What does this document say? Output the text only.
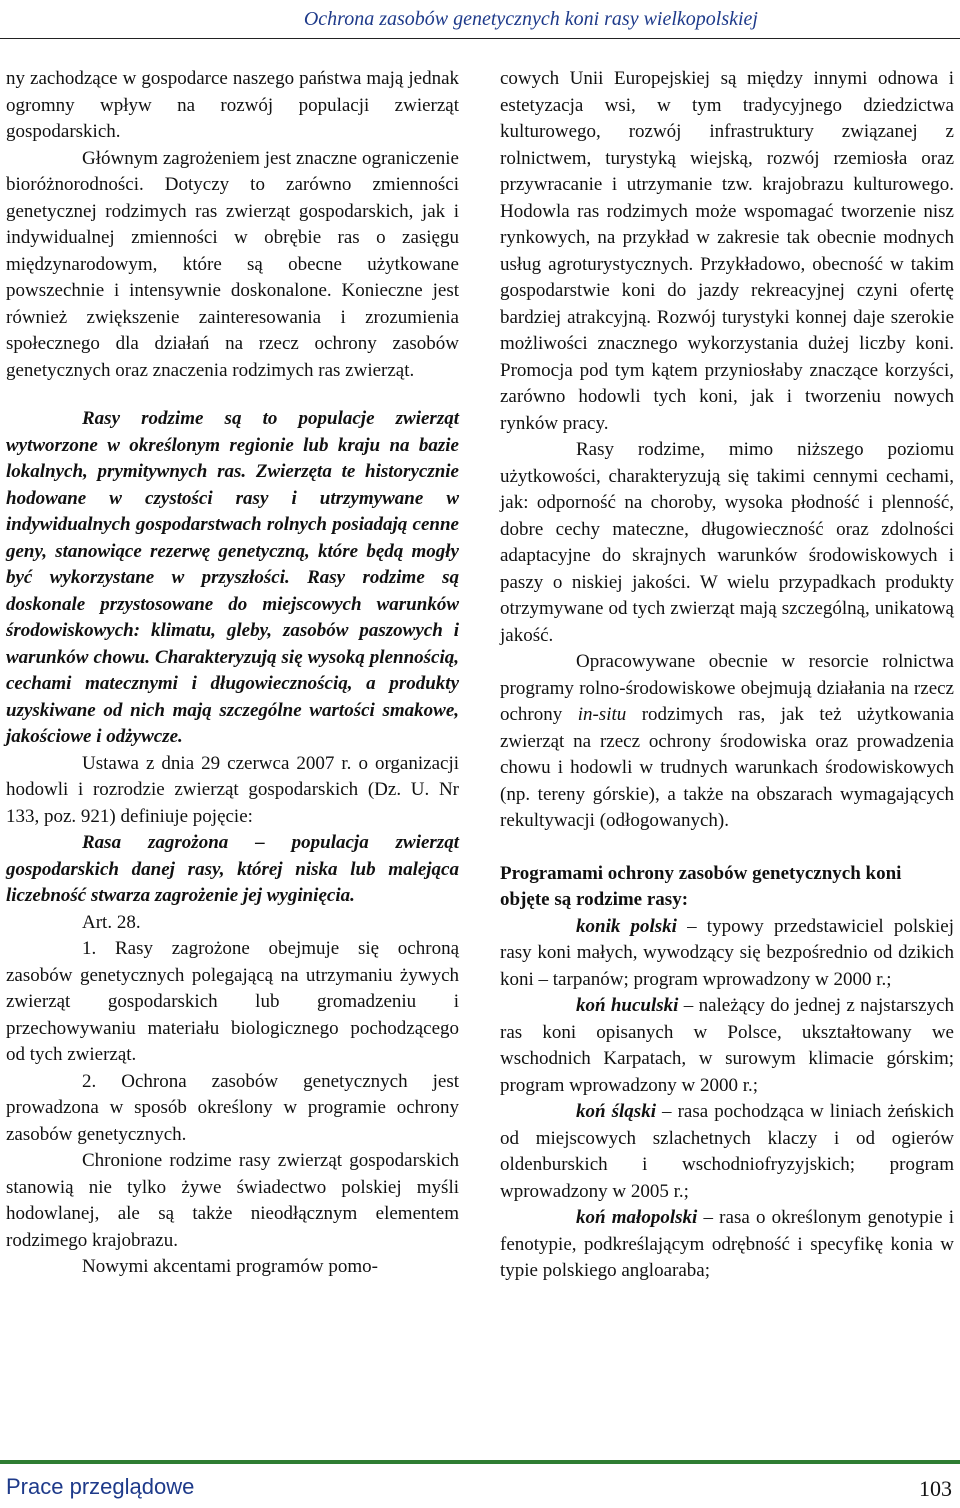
Ochrona zasobów genetycznych koni rasy wielkopolskiej

ny zachodzące w gospodarce naszego państwa mają jednak ogromny wpływ na rozwój populacji zwierząt gospodarskich.

Głównym zagrożeniem jest znaczne ograniczenie bioróżnorodności. Dotyczy to zarówno zmienności genetycznej rodzimych ras zwierząt gospodarskich, jak i indywidualnej zmienności w obrębie ras o zasięgu międzynarodowym, które są obecne użytkowane powszechnie i intensywnie doskonalone. Konieczne jest również zwiększenie zainteresowania i zrozumienia społecznego dla działań na rzecz ochrony zasobów genetycznych oraz znaczenia rodzimych ras zwierząt.

Rasy rodzime są to populacje zwierząt wytworzone w określonym regionie lub kraju na bazie lokalnych, prymitywnych ras. Zwierzęta te historycznie hodowane w czystości rasy i utrzymywane w indywidualnych gospodarstwach rolnych posiadają cenne geny, stanowiące rezerwę genetyczną, które będą mogły być wykorzystane w przyszłości. Rasy rodzime są doskonale przystosowane do miejscowych warunków środowiskowych: klimatu, gleby, zasobów paszowych i warunków chowu. Charakteryzują się wysoką plennością, cechami matecznymi i długowiecznością, a produkty uzyskiwane od nich mają szczególne wartości smakowe, jakościowe i odżywcze.

Ustawa z dnia 29 czerwca 2007 r. o organizacji hodowli i rozrodzie zwierząt gospodarskich (Dz. U. Nr 133, poz. 921) definiuje pojęcie:

Rasa zagrożona – populacja zwierząt gospodarskich danej rasy, której niska lub malejąca liczebność stwarza zagrożenie jej wyginięcia.

Art. 28.

1. Rasy zagrożone obejmuje się ochroną zasobów genetycznych polegającą na utrzymaniu żywych zwierząt gospodarskich lub gromadzeniu i przechowywaniu materiału biologicznego pochodzącego od tych zwierząt.

2. Ochrona zasobów genetycznych jest prowadzona w sposób określony w programie ochrony zasobów genetycznych.

Chronione rodzime rasy zwierząt gospodarskich stanowią nie tylko żywe świadectwo polskiej myśli hodowlanej, ale są także nieodłącznym elementem rodzimego krajobrazu.

Nowymi akcentami programów pomo-

cowych Unii Europejskiej są między innymi odnowa i estetyzacja wsi, w tym tradycyjnego dziedzictwa kulturowego, rozwój infrastruktury związanej z rolnictwem, turystyką wiejską, rozwój rzemiosła oraz przywracanie i utrzymanie tzw. krajobrazu kulturowego. Hodowla ras rodzimych może wspomagać tworzenie nisz rynkowych, na przykład w zakresie tak obecnie modnych usług agroturystycznych. Przykładowo, obecność w takim gospodarstwie koni do jazdy rekreacyjnej czyni ofertę bardziej atrakcyjną. Rozwój turystyki konnej daje szerokie możliwości znacznego wykorzystania dużej liczby koni. Promocja pod tym kątem przyniosłaby znaczące korzyści, zarówno hodowli tych koni, jak i tworzeniu nowych rynków pracy.

Rasy rodzime, mimo niższego poziomu użytkowości, charakteryzują się takimi cennymi cechami, jak: odporność na choroby, wysoka płodność i plenność, dobre cechy mateczne, długowieczność oraz zdolności adaptacyjne do skrajnych warunków środowiskowych i paszy o niskiej jakości. W wielu przypadkach produkty otrzymywane od tych zwierząt mają szczególną, unikatową jakość.

Opracowywane obecnie w resorcie rolnictwa programy rolno-środowiskowe obejmują działania na rzecz ochrony in-situ rodzimych ras, jak też użytkowania zwierząt na rzecz ochrony środowiska oraz prowadzenia chowu i hodowli w trudnych warunkach środowiskowych (np. tereny górskie), a także na obszarach wymagających rekultywacji (odłogowanych).

Programami ochrony zasobów genetycznych koni objęte są rodzime rasy:

konik polski – typowy przedstawiciel polskiej rasy koni małych, wywodzący się bezpośrednio od dzikich koni – tarpanów; program wprowadzony w 2000 r.;

koń huculski – należący do jednej z najstarszych ras koni opisanych w Polsce, ukształtowany we wschodnich Karpatach, w surowym klimacie górskim; program wprowadzony w 2000 r.;

koń śląski – rasa pochodząca w liniach żeńskich od miejscowych szlachetnych klaczy i od ogierów oldenburskich i wschodniofryzyjskich; program wprowadzony w 2005 r.;

koń małopolski – rasa o określonym genotypie i fenotypie, podkreślającym odrębność i specyfikę konia w typie polskiego angloaraba;

Prace przeglądowe	103
